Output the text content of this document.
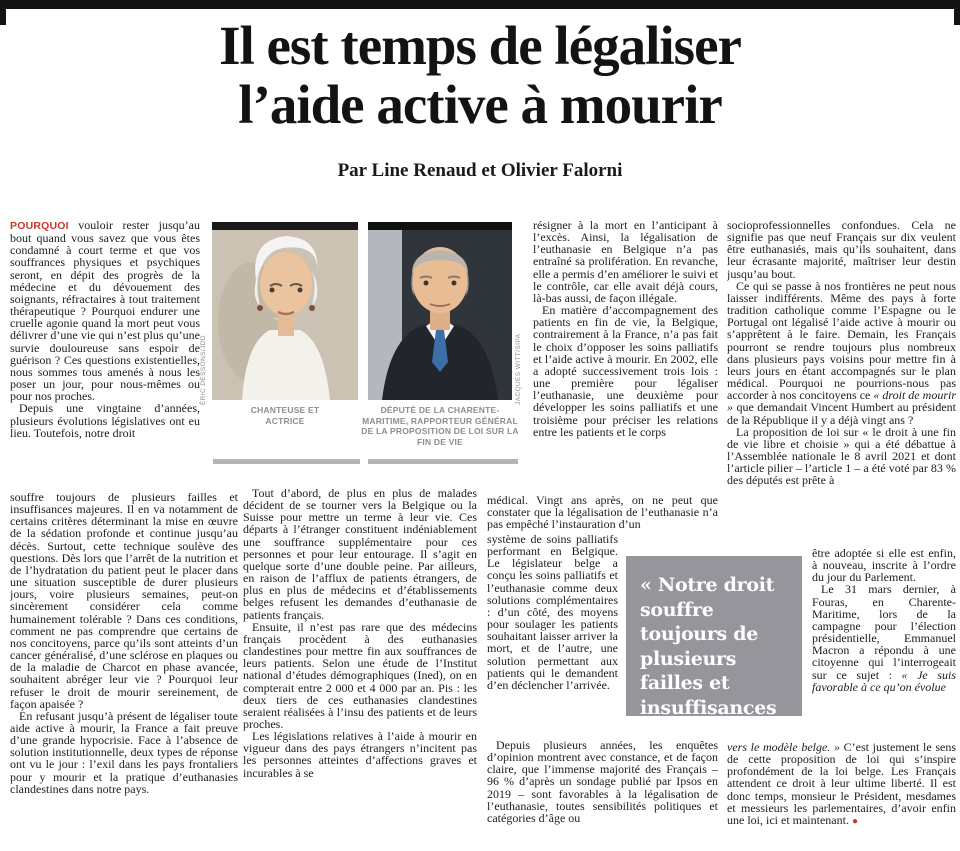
Il est temps de légaliser
l’aide active à mourir
Par Line Renaud et Olivier Falorni

POURQUOI vouloir rester jusqu’au bout quand vous savez que vous êtes condamné à court terme et que vos souffrances physiques et psychiques seront, en dépit des progrès de la médecine et du dévouement des soignants, réfractaires à tout traitement thérapeutique ? Pourquoi endurer une cruelle agonie quand la mort peut vous délivrer d’une vie qui n’est plus qu’une survie douloureuse sans espoir de guérison ? Ces questions existentielles, nous sommes tous amenés à nous les poser un jour, pour nous-mêmes ou pour nos proches.

Depuis une vingtaine d’années, plusieurs évolutions législatives ont eu lieu. Toutefois, notre droit

souffre toujours de plusieurs failles et insuffisances majeures. Il en va notamment de certains critères déterminant la mise en œuvre de la sédation profonde et continue jusqu’au décès. Surtout, cette technique soulève des questions. Dès lors que l’arrêt de la nutrition et de l’hydratation du patient peut le placer dans une situation susceptible de durer plusieurs jours, voire plusieurs semaines, peut-on sincèrement considérer cela comme humainement tolérable ? Dans ces conditions, comment ne pas comprendre que certains de nos concitoyens, parce qu’ils sont atteints d’un cancer généralisé, d’une sclérose en plaques ou de la maladie de Charcot en phase avancée, souhaitent abréger leur vie ? Pourquoi leur refuser le droit de mourir sereinement, de façon apaisée ?

En refusant jusqu’à présent de légaliser toute aide active à mourir, la France a fait preuve d’une grande hypocrisie. Face à l’absence de solution institutionnelle, deux types de réponse ont vu le jour : l’exil dans les pays frontaliers pour y mourir et la pratique d’euthanasies clandestines dans notre pays.

ÉRIC DESSONS/JDD
CHANTEUSE ET ACTRICE
JACQUES WITT/SIPA
DÉPUTÉ DE LA CHARENTE-MARITIME, RAPPORTEUR GÉNÉRAL DE LA PROPOSITION DE LOI SUR LA FIN DE VIE

Tout d’abord, de plus en plus de malades décident de se tourner vers la Belgique ou la Suisse pour mettre un terme à leur vie. Ces départs à l’étranger constituent indéniablement une souffrance supplémentaire pour ces personnes et pour leur entourage. Il s’agit en quelque sorte d’une double peine. Par ailleurs, en raison de l’afflux de patients étrangers, de plus en plus de médecins et d’établissements belges refusent les demandes d’euthanasie de patients français.

Ensuite, il n’est pas rare que des médecins français procèdent à des euthanasies clandestines pour mettre fin aux souffrances de leurs patients. Selon une étude de l’Institut national d’études démographiques (Ined), on en compterait entre 2 000 et 4 000 par an. Pis : les deux tiers de ces euthanasies clandestines seraient réalisées à l’insu des patients et de leurs proches.

Les législations relatives à l’aide à mourir en vigueur dans des pays étrangers n’incitent pas les personnes atteintes d’affections graves et incurables à se

résigner à la mort en l’anticipant à l’excès. Ainsi, la légalisation de l’euthanasie en Belgique n’a pas entraîné sa prolifération. En revanche, elle a permis d’en améliorer le suivi et le contrôle, car elle avait déjà cours, là-bas aussi, de façon illégale.

En matière d’accompagnement des patients en fin de vie, la Belgique, contrairement à la France, n’a pas fait le choix d’opposer les soins palliatifs et l’aide active à mourir. En 2002, elle a adopté successivement trois lois : une première pour légaliser l’euthanasie, une deuxième pour développer les soins palliatifs et une troisième pour préciser les relations entre les patients et le corps

médical. Vingt ans après, on ne peut que constater que la légalisation de l’euthanasie n’a pas empêché l’instauration d’un

système de soins palliatifs performant en Belgique. Le législateur belge a conçu les soins palliatifs et l’euthanasie comme deux solutions complémentaires : d’un côté, des moyens pour soulager les patients souhaitant laisser arriver la mort, et de l’autre, une solution permettant aux patients qui le demandent d’en déclencher l’arrivée.

Depuis plusieurs années, les enquêtes d’opinion montrent avec constance, et de façon claire, que l’immense majorité des Français – 96 % d’après un sondage publié par Ipsos en 2019 – sont favorables à la légalisation de l’euthanasie, toutes sensibilités politiques et catégories d’âge ou

« Notre droit souffre toujours de plusieurs failles et insuffisances majeures »

socioprofessionnelles confondues. Cela ne signifie pas que neuf Français sur dix veulent être euthanasiés, mais qu’ils souhaitent, dans leur écrasante majorité, maîtriser leur destin jusqu’au bout.

Ce qui se passe à nos frontières ne peut nous laisser indifférents. Même des pays à forte tradition catholique comme l’Espagne ou le Portugal ont légalisé l’aide active à mourir ou s’apprêtent à le faire. Demain, les Français pourront se rendre toujours plus nombreux dans plusieurs pays voisins pour mettre fin à leurs jours en étant accompagnés sur le plan médical. Pourquoi ne pourrions-nous pas accorder à nos concitoyens ce « droit de mourir » que demandait Vincent Humbert au président de la République il y a déjà vingt ans ?

La proposition de loi sur « le droit à une fin de vie libre et choisie » qui a été débattue à l’Assemblée nationale le 8 avril 2021 et dont l’article pilier – l’article 1 – a été voté par 83 % des députés est prête à

être adoptée si elle est enfin, à nouveau, inscrite à l’ordre du jour du Parlement.

Le 31 mars dernier, à Fouras, en Charente-Maritime, lors de la campagne pour l’élection présidentielle, Emmanuel Macron a répondu à une citoyenne qui l’interrogeait sur ce sujet : « Je suis favorable à ce qu’on évolue

vers le modèle belge. » C’est justement le sens de cette proposition de loi qui s’inspire profondément de la loi belge. Les Français attendent ce droit à leur ultime liberté. Il est donc temps, monsieur le Président, mesdames et messieurs les parlementaires, d’avoir enfin une loi, ici et maintenant. ●
